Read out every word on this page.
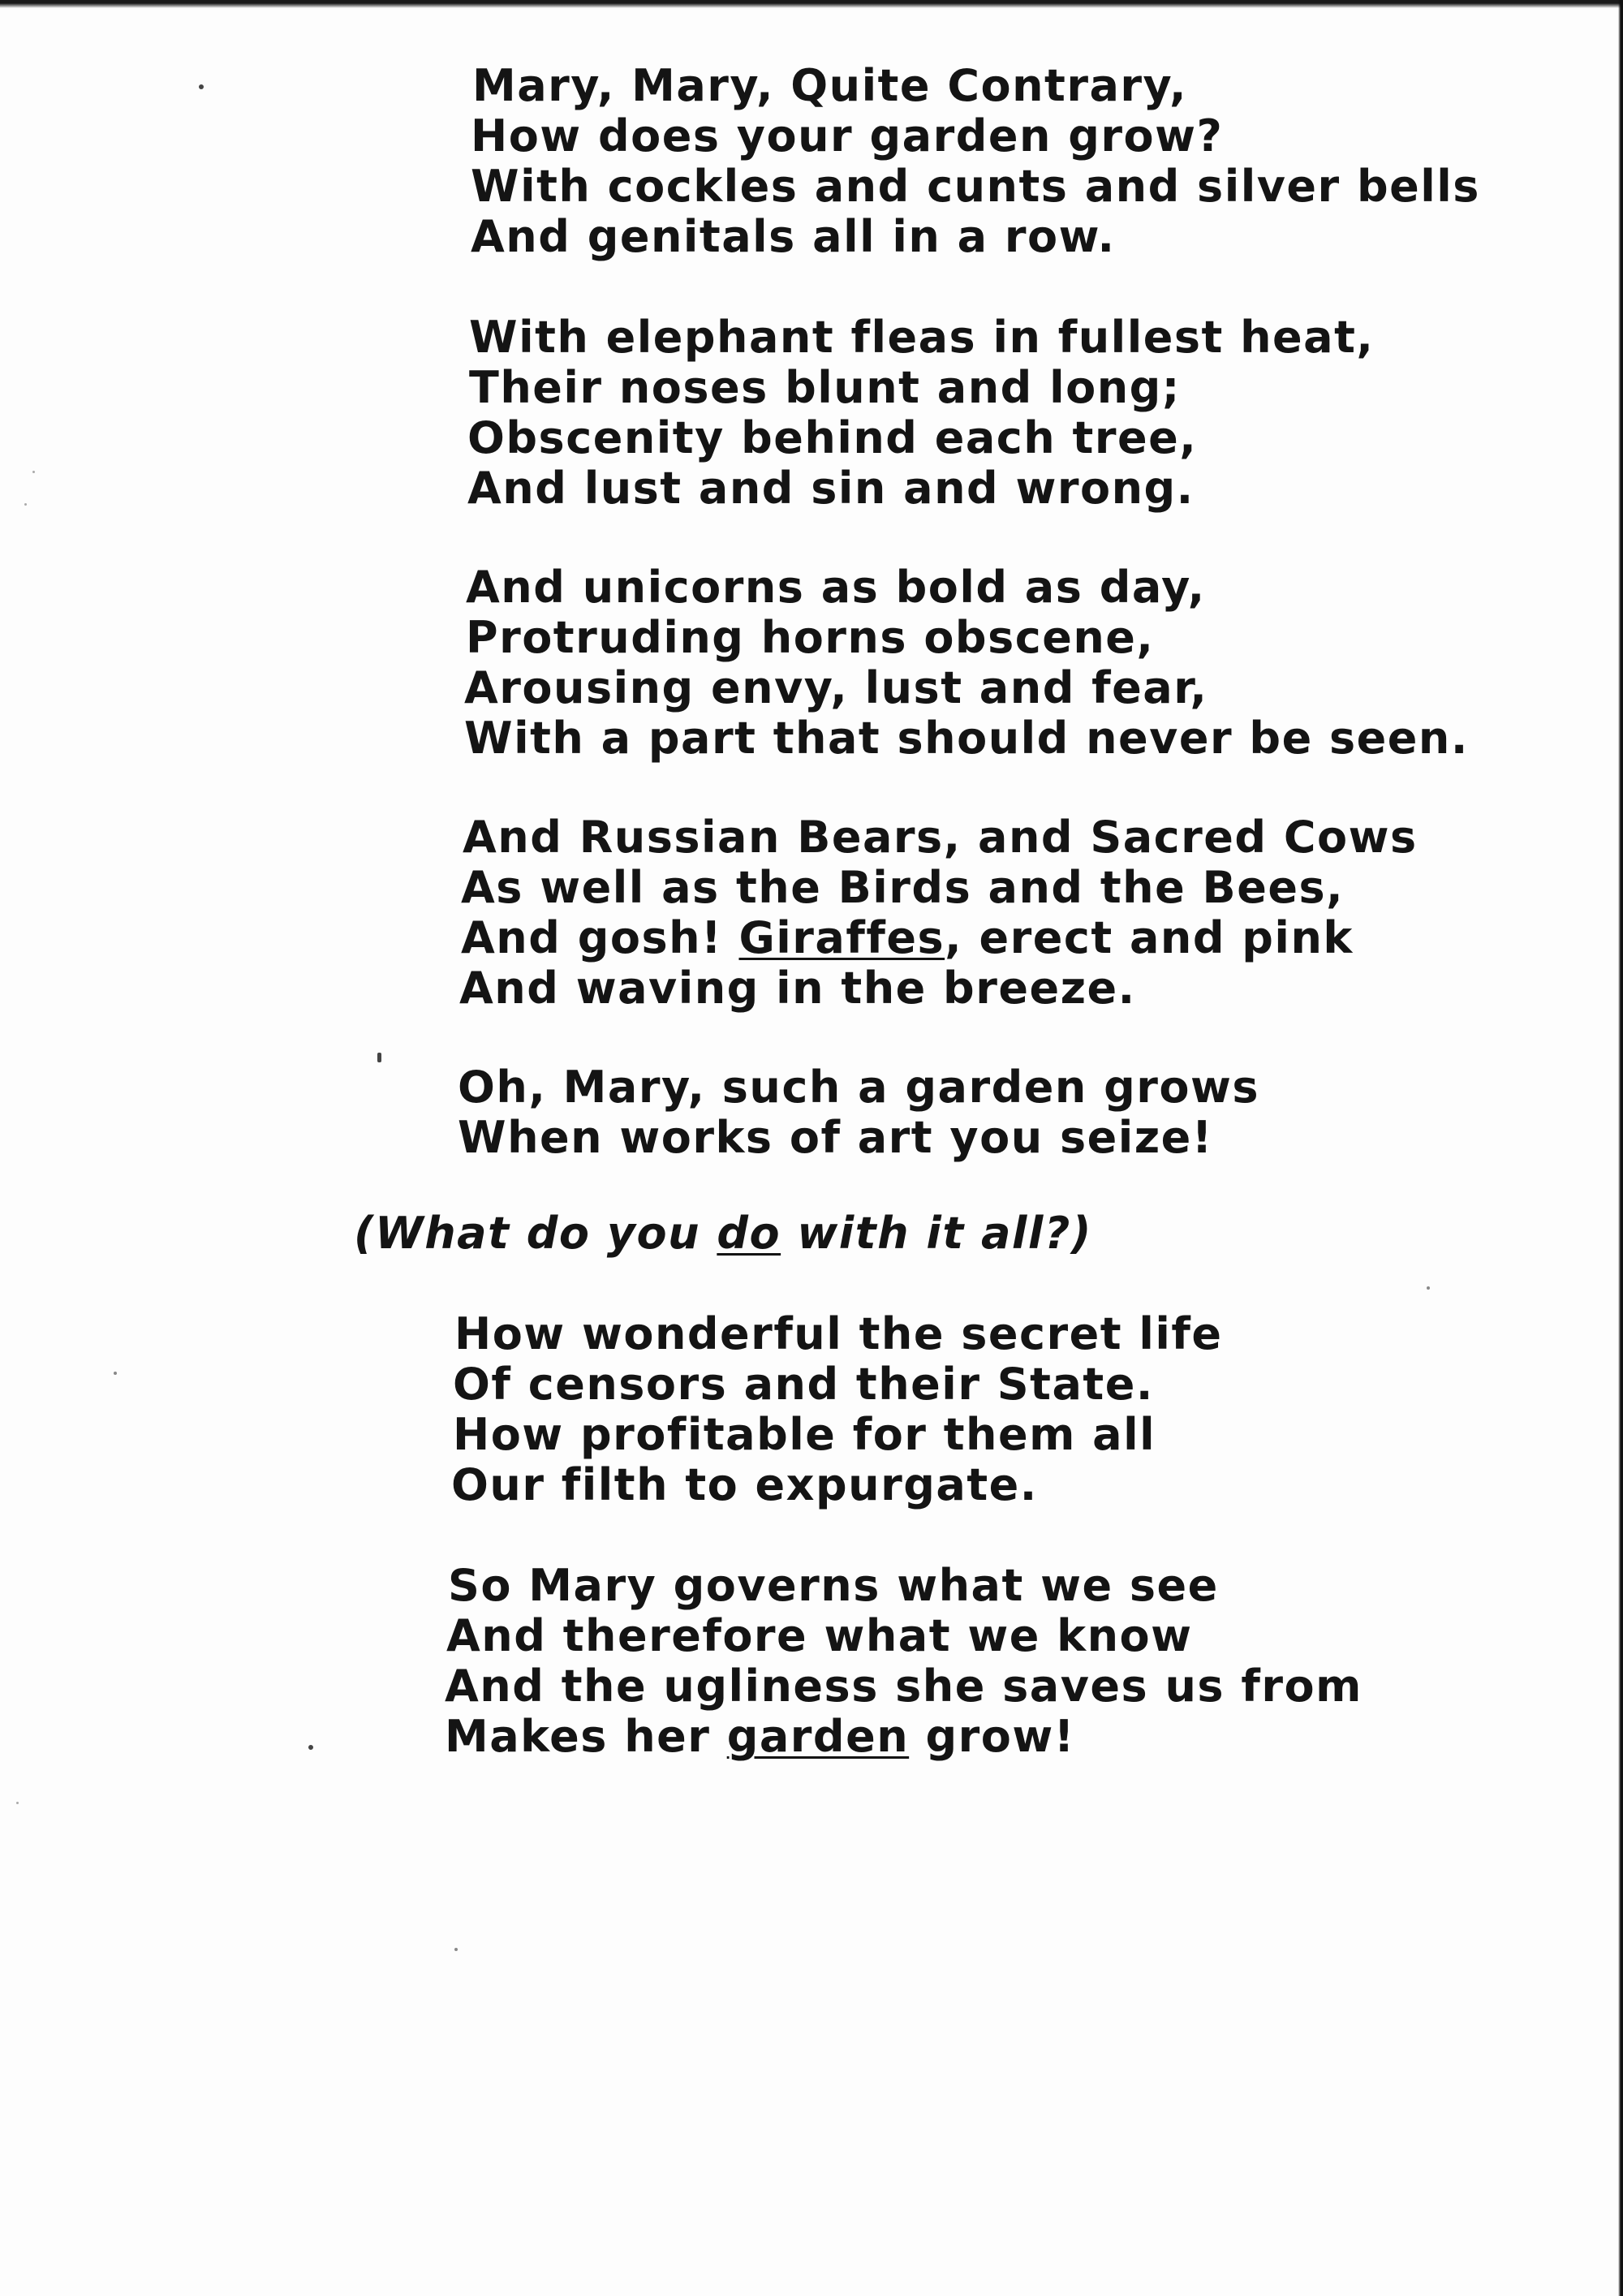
Mary, Mary, Quite Contrary,
How does your garden grow?
With cockles and cunts and silver bells
And genitals all in a row.
With elephant fleas in fullest heat,
Their noses blunt and long;
Obscenity behind each tree,
And lust and sin and wrong.
And unicorns as bold as day,
Protruding horns obscene,
Arousing envy, lust and fear,
With a part that should never be seen.
And Russian Bears, and Sacred Cows
As well as the Birds and the Bees,
And gosh! Giraffes, erect and pink
And waving in the breeze.
Oh, Mary, such a garden grows
When works of art you seize!
(What do you do with it all?)
How wonderful the secret life
Of censors and their State.
How profitable for them all
Our filth to expurgate.
So Mary governs what we see
And therefore what we know
And the ugliness she saves us from
Makes her garden grow!
